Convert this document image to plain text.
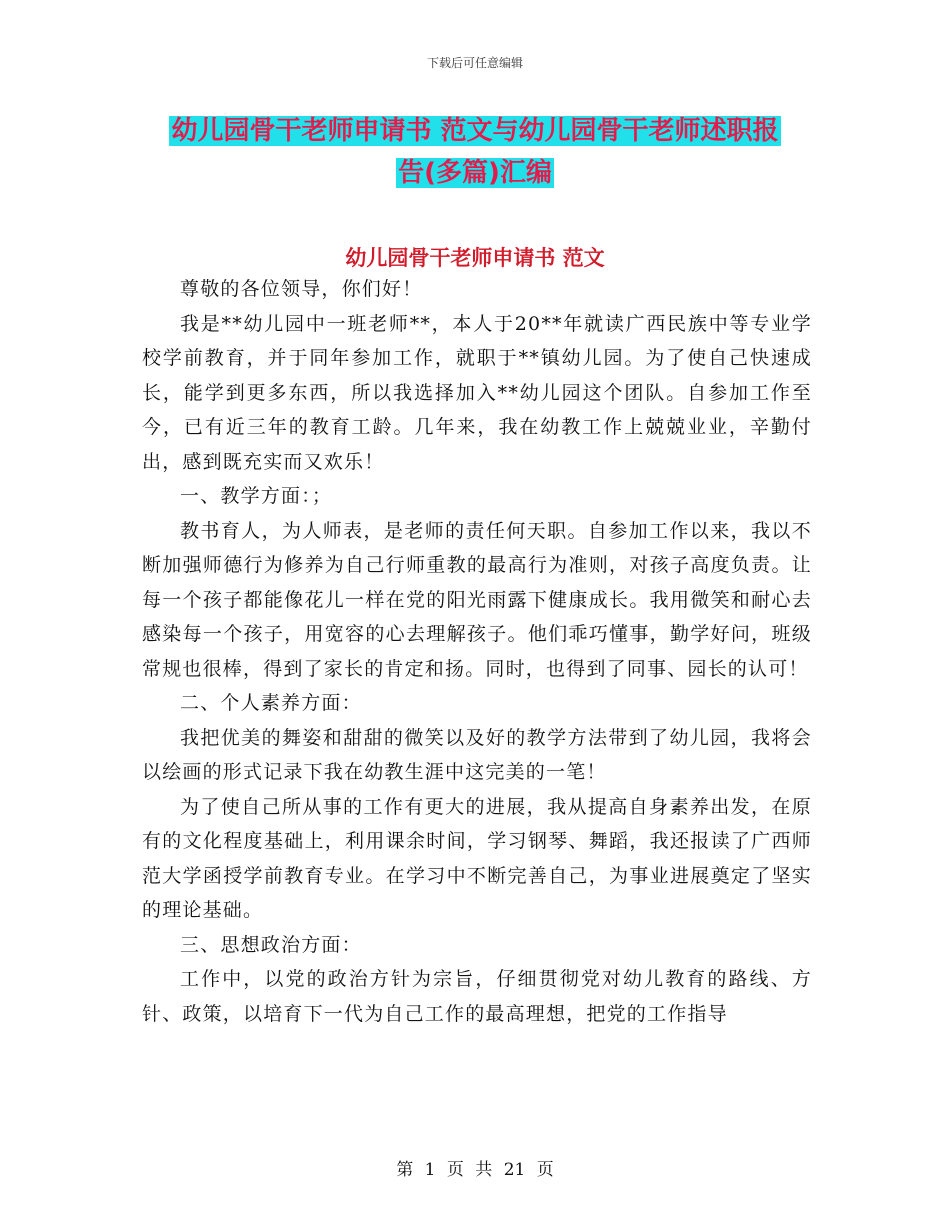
下载后可任意编辑
幼儿园骨干老师申请书 范文与幼儿园骨干老师述职报
告(多篇)汇编
幼儿园骨干老师申请书 范文

尊敬的各位领导，你们好！

我是**幼儿园中一班老师**，本人于20**年就读广西民族中等专业学校学前教育，并于同年参加工作，就职于**镇幼儿园。为了使自己快速成长，能学到更多东西，所以我选择加入**幼儿园这个团队。自参加工作至今，已有近三年的教育工龄。几年来，我在幼教工作上兢兢业业，辛勤付出，感到既充实而又欢乐！

一、教学方面：；

教书育人，为人师表，是老师的责任何天职。自参加工作以来，我以不断加强师德行为修养为自己行师重教的最高行为准则，对孩子高度负责。让每一个孩子都能像花儿一样在党的阳光雨露下健康成长。我用微笑和耐心去感染每一个孩子，用宽容的心去理解孩子。他们乖巧懂事，勤学好问，班级常规也很棒，得到了家长的肯定和扬。同时，也得到了同事、园长的认可！

二、个人素养方面：

我把优美的舞姿和甜甜的微笑以及好的教学方法带到了幼儿园，我将会以绘画的形式记录下我在幼教生涯中这完美的一笔！

为了使自己所从事的工作有更大的进展，我从提高自身素养出发，在原有的文化程度基础上，利用课余时间，学习钢琴、舞蹈，我还报读了广西师范大学函授学前教育专业。在学习中不断完善自己，为事业进展奠定了坚实的理论基础。

三、思想政治方面：

工作中，以党的政治方针为宗旨，仔细贯彻党对幼儿教育的路线、方针、政策，以培育下一代为自己工作的最高理想，把党的工作指导

第 1 页 共 21 页
